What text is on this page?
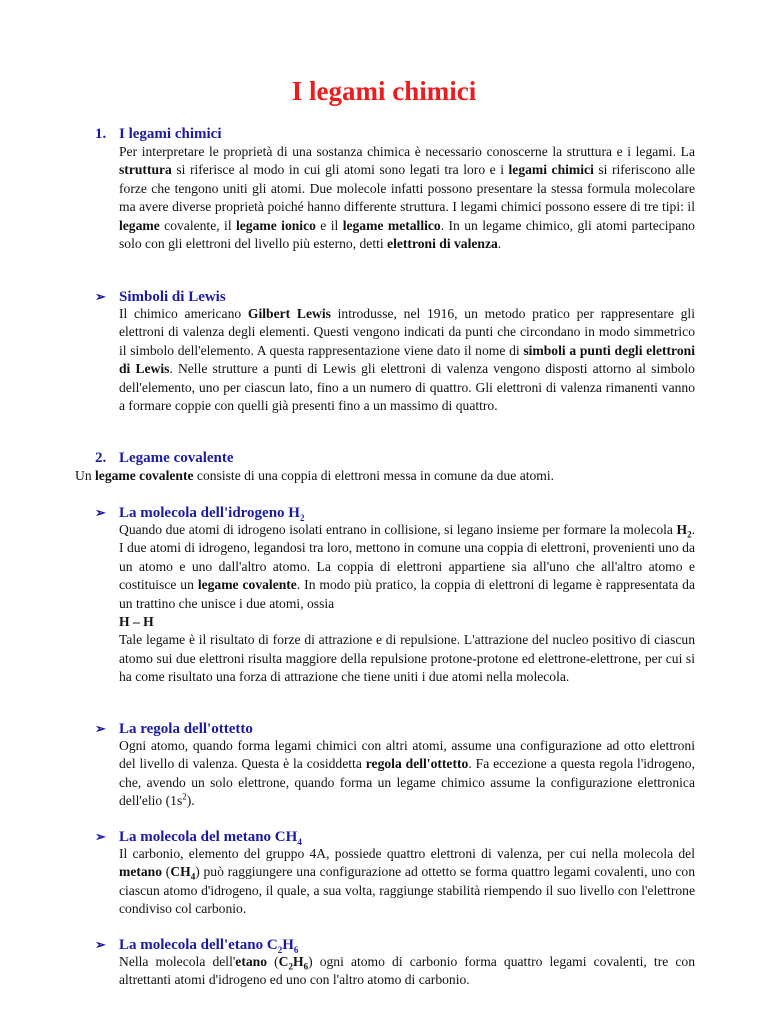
I legami chimici
1. I legami chimici
Per interpretare le proprietà di una sostanza chimica è necessario conoscerne la struttura e i legami. La struttura si riferisce al modo in cui gli atomi sono legati tra loro e i legami chimici si riferiscono alle forze che tengono uniti gli atomi. Due molecole infatti possono presentare la stessa formula molecolare ma avere diverse proprietà poiché hanno differente struttura. I legami chimici possono essere di tre tipi: il legame covalente, il legame ionico e il legame metallico. In un legame chimico, gli atomi partecipano solo con gli elettroni del livello più esterno, detti elettroni di valenza.
➢ Simboli di Lewis
Il chimico americano Gilbert Lewis introdusse, nel 1916, un metodo pratico per rappresentare gli elettroni di valenza degli elementi. Questi vengono indicati da punti che circondano in modo simmetrico il simbolo dell'elemento. A questa rappresentazione viene dato il nome di simboli a punti degli elettroni di Lewis. Nelle strutture a punti di Lewis gli elettroni di valenza vengono disposti attorno al simbolo dell'elemento, uno per ciascun lato, fino a un numero di quattro. Gli elettroni di valenza rimanenti vanno a formare coppie con quelli già presenti fino a un massimo di quattro.
2. Legame covalente
Un legame covalente consiste di una coppia di elettroni messa in comune da due atomi.
➢ La molecola dell'idrogeno $H_2$
Quando due atomi di idrogeno isolati entrano in collisione, si legano insieme per formare la molecola $H_2$. I due atomi di idrogeno, legandosi tra loro, mettono in comune una coppia di elettroni, provenienti uno da un atomo e uno dall'altro atomo. La coppia di elettroni appartiene sia all'uno che all'altro atomo e costituisce un legame covalente. In modo più pratico, la coppia di elettroni di legame è rappresentata da un trattino che unisce i due atomi, ossia
H – H
Tale legame è il risultato di forze di attrazione e di repulsione. L'attrazione del nucleo positivo di ciascun atomo sui due elettroni risulta maggiore della repulsione protone-protone ed elettrone-elettrone, per cui si ha come risultato una forza di attrazione che tiene uniti i due atomi nella molecola.
➢ La regola dell'ottetto
Ogni atomo, quando forma legami chimici con altri atomi, assume una configurazione ad otto elettroni del livello di valenza. Questa è la cosiddetta regola dell'ottetto. Fa eccezione a questa regola l'idrogeno, che, avendo un solo elettrone, quando forma un legame chimico assume la configurazione elettronica dell'elio $(1s^2)$.
➢ La molecola del metano $CH_4$
Il carbonio, elemento del gruppo 4A, possiede quattro elettroni di valenza, per cui nella molecola del metano $(CH_4)$ può raggiungere una configurazione ad ottetto se forma quattro legami covalenti, uno con ciascun atomo d'idrogeno, il quale, a sua volta, raggiunge stabilità riempendo il suo livello con l'elettrone condiviso col carbonio.
➢ La molecola dell'etano $C_2H_6$
Nella molecola dell'etano $(C_2H_6)$ ogni atomo di carbonio forma quattro legami covalenti, tre con altrettanti atomi d'idrogeno ed uno con l'altro atomo di carbonio.
